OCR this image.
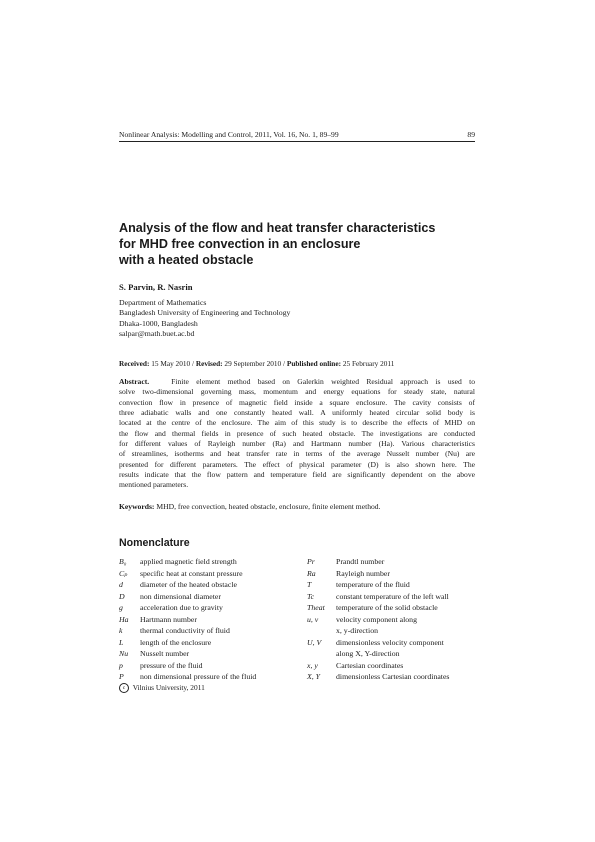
Nonlinear Analysis: Modelling and Control, 2011, Vol. 16, No. 1, 89–99	89
Analysis of the flow and heat transfer characteristics
for MHD free convection in an enclosure
with a heated obstacle
S. Parvin, R. Nasrin
Department of Mathematics
Bangladesh University of Engineering and Technology
Dhaka-1000, Bangladesh
salpar@math.buet.ac.bd
Received: 15 May 2010 / Revised: 29 September 2010 / Published online: 25 February 2011
Abstract.	Finite element method based on Galerkin weighted Residual approach is used to
solve two-dimensional governing mass, momentum and energy equations for steady state, natural
convection flow in presence of magnetic field inside a square enclosure. The cavity consists of
three adiabatic walls and one constantly heated wall. A uniformly heated circular solid body is
located at the centre of the enclosure. The aim of this study is to describe the effects of MHD on
the flow and thermal fields in presence of such heated obstacle. The investigations are conducted
for different values of Rayleigh number (Ra) and Hartmann number (Ha). Various characteristics
of streamlines, isotherms and heat transfer rate in terms of the average Nusselt number (Nu) are
presented for different parameters. The effect of physical parameter (D) is also shown here. The
results indicate that the flow pattern and temperature field are significantly dependent on the above
mentioned parameters.
Keywords: MHD, free convection, heated obstacle, enclosure, finite element method.
Nomenclature
B₀ applied magnetic field strength
Cₚ specific heat at constant pressure
d diameter of the heated obstacle
D non dimensional diameter
g acceleration due to gravity
Ha Hartmann number
k thermal conductivity of fluid
L length of the enclosure
Nu Nusselt number
p pressure of the fluid
P non dimensional pressure of the fluid
Pr	Prandtl number
Ra	Rayleigh number
T	temperature of the fluid
Tc	constant temperature of the left wall
Theat temperature of the solid obstacle
u, v velocity component along
x, y-direction
U, V dimensionless velocity component
along X, Y-direction
x, y Cartesian coordinates
X, Y dimensionless Cartesian coordinates
c Vilnius University, 2011
